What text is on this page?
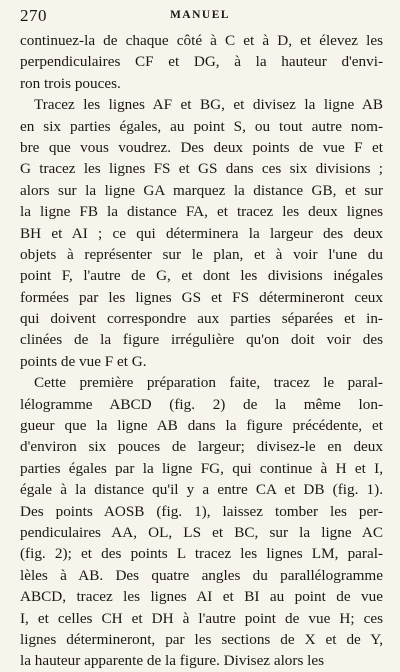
270	MANUEL
continuez-la de chaque côté à C et à D, et élevez les
perpendiculaires CF et DG, à la hauteur d'envi-
ron trois pouces.
Tracez les lignes AF et BG, et divisez la ligne AB
en six parties égales, au point S, ou tout autre nom-
bre que vous voudrez. Des deux points de vue F et
G tracez les lignes FS et GS dans ces six divisions ;
alors sur la ligne GA marquez la distance GB, et sur
la ligne FB la distance FA, et tracez les deux lignes
BH et AI ; ce qui déterminera la largeur des deux
objets à représenter sur le plan, et à voir l'une du
point F, l'autre de G, et dont les divisions inégales
formées par les lignes GS et FS détermineront ceux
qui doivent correspondre aux parties séparées et in-
clinées de la figure irrégulière qu'on doit voir des
points de vue F et G.
Cette première préparation faite, tracez le paral-
lélogramme ABCD (fig. 2) de la même lon-
gueur que la ligne AB dans la figure précédente, et
d'environ six pouces de largeur; divisez-le en deux
parties égales par la ligne FG, qui continue à H et I,
égale à la distance qu'il y a entre CA et DB (fig. 1).
Des points AOSB (fig. 1), laissez tomber les per-
pendiculaires AA, OL, LS et BC, sur la ligne AC
(fig. 2); et des points L tracez les lignes LM, paral-
lèles à AB. Des quatre angles du parallélogramme
ABCD, tracez les lignes AI et BI au point de vue
I, et celles CH et DH à l'autre point de vue H; ces
lignes détermineront, par les sections de X et de Y,
la hauteur apparente de la figure. Divisez alors les
